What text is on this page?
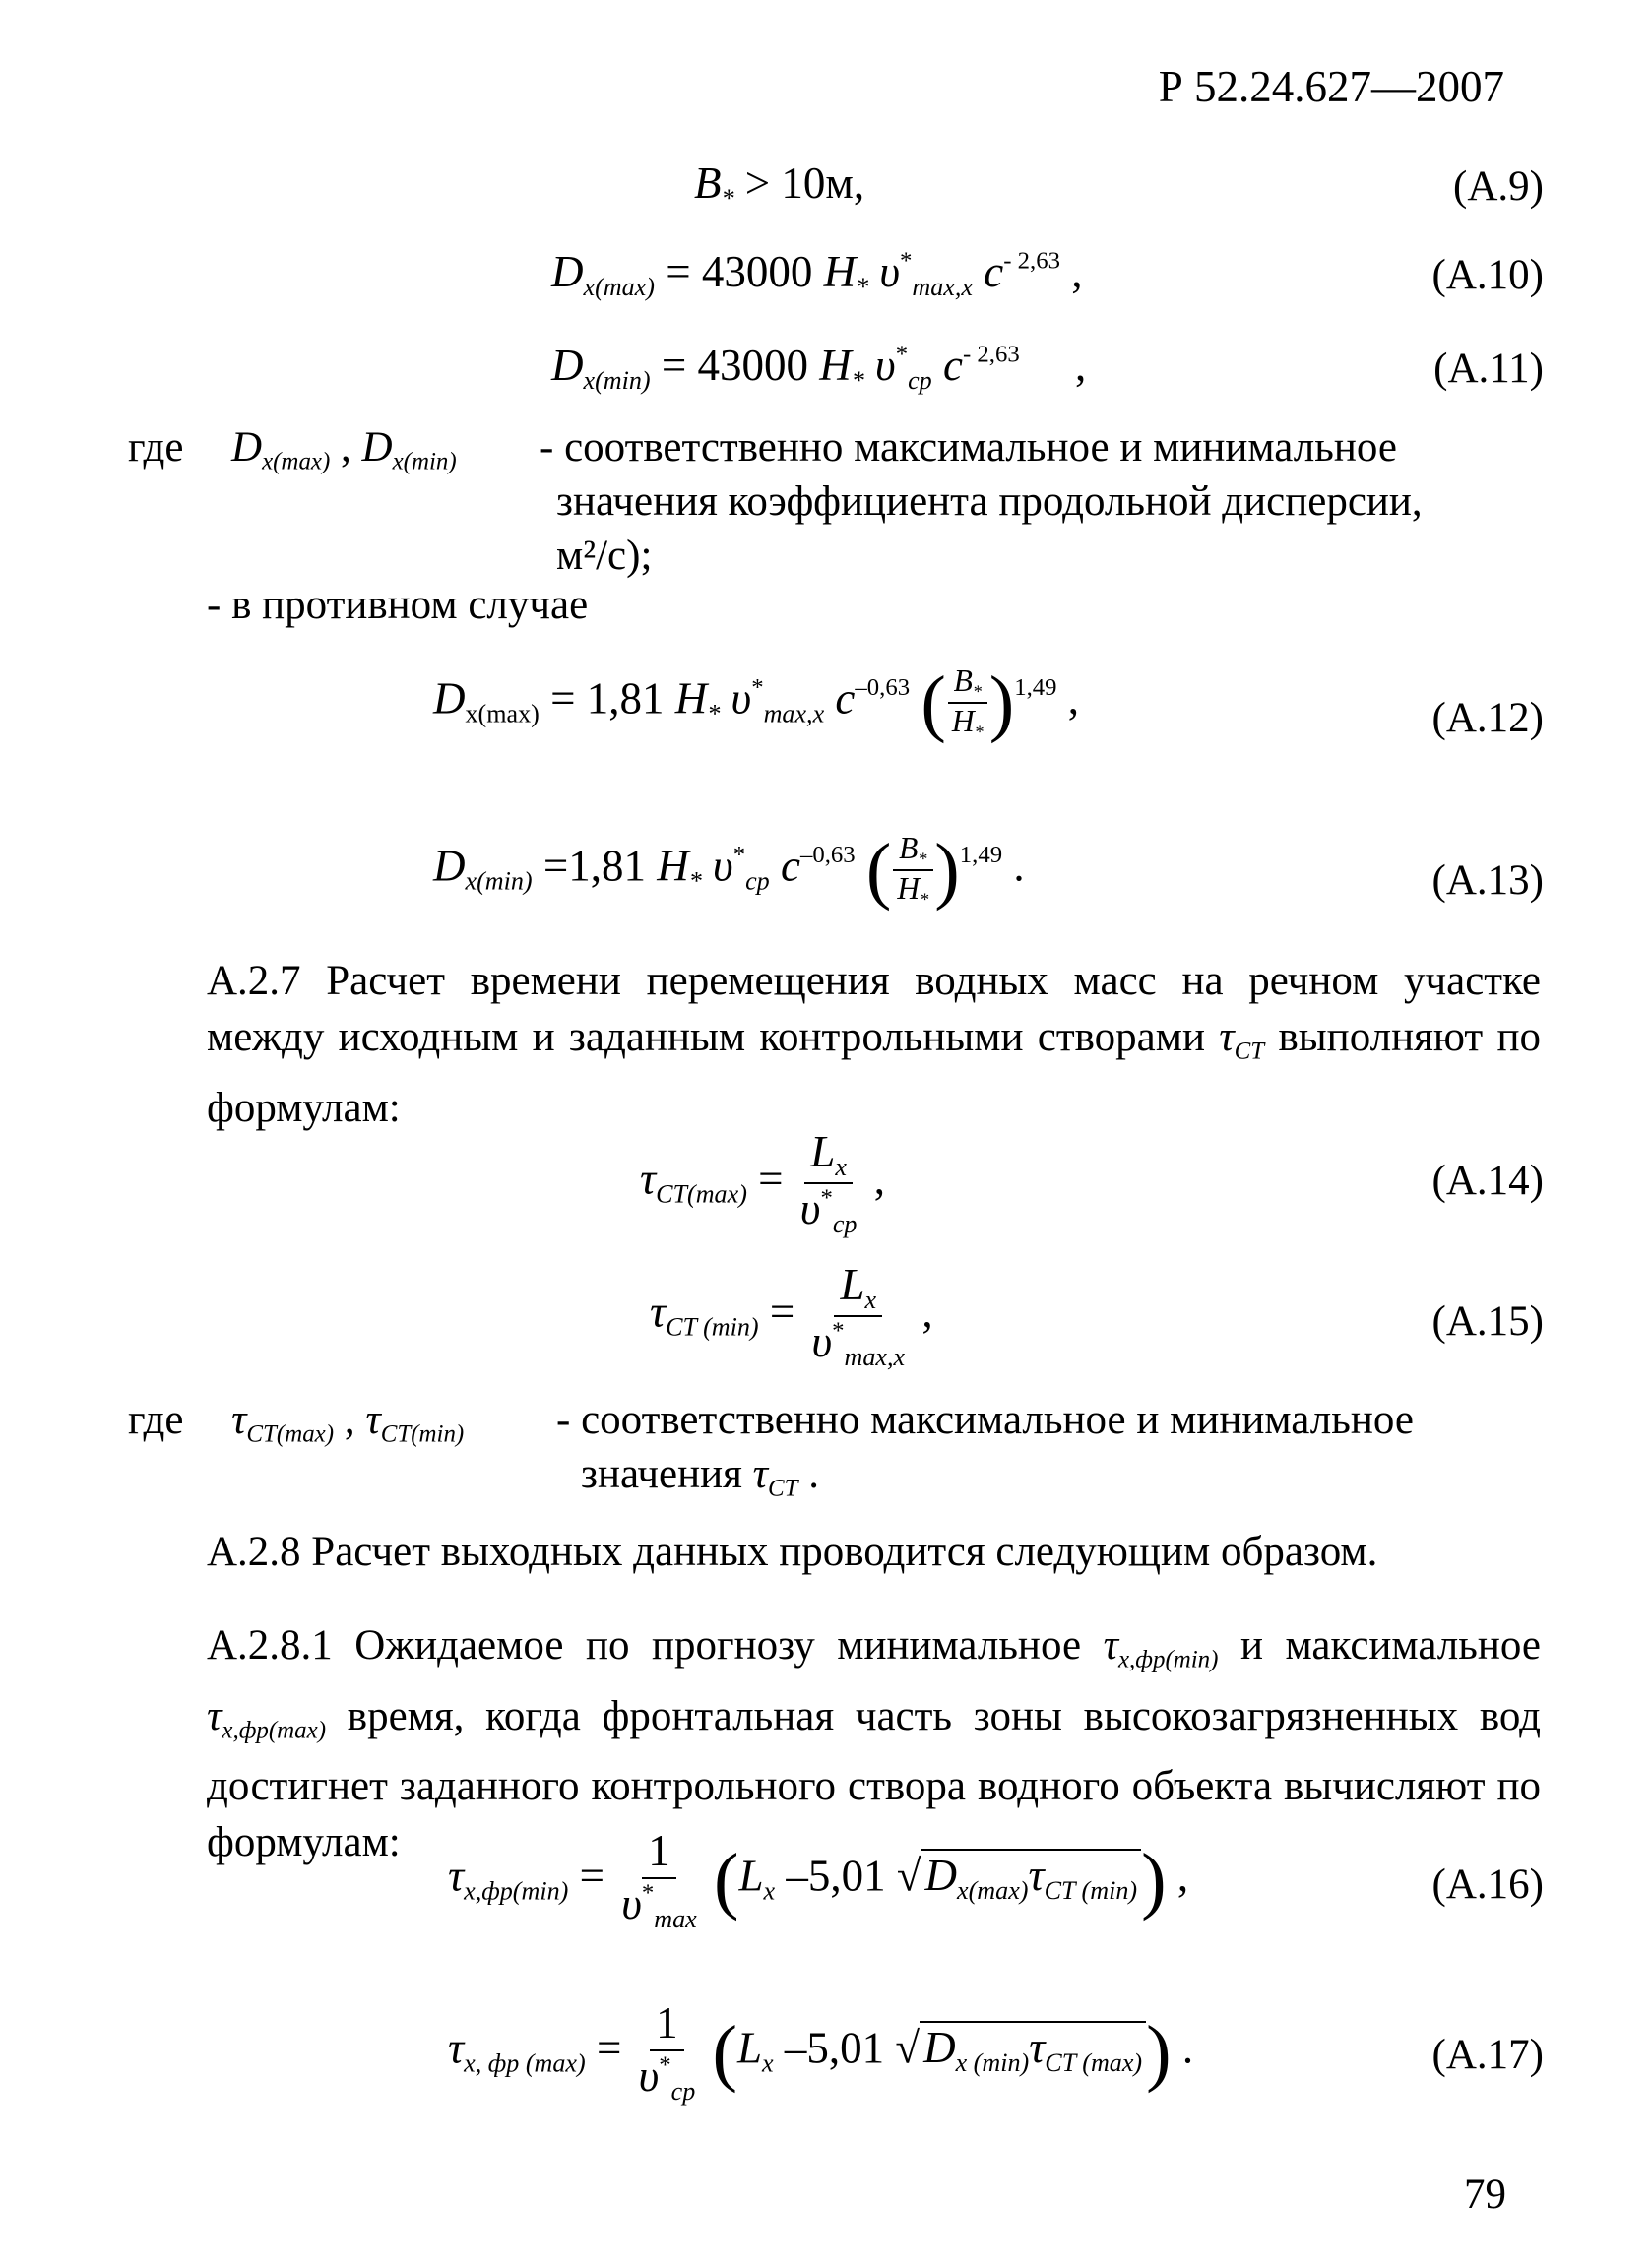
Р 52.24.627—2007
$B_* > 10м$,	(А.9)
$D_{x(max)} = 43000$ $H_*$ $\upsilon^*_{max,x}$ $c^{- 2,63}$ ,	(А.10)
$D_{x(min)} = 43000$ $H_*$ $\upsilon^*_{cp}$ $c^{- 2,63}$     ,	(А.11)
где $D_{x(max)}$ , $D_{x(min)}$ - соответственно максимальное и минимальное
значения коэффициента продольной дисперсии,
м²/с);
- в противном случае
$D_{x(max)} = 1,81$ $H_*$ $\upsilon^*_{max,x}$ $c^{-0,63}$ ( $\frac{B_*}{H_*} )^{1,49}$ ,	(А.12)
$D_{x(min)} =1,81$ $H_*$ $\upsilon^*_{cp}$ $c^{-0,63}$ ( $\frac{B_*}{H_*} )^{1,49}$ .	(А.13)
А.2.7 Расчет времени перемещения водных масс на речном участке между исходным и заданным контрольными створами $\tau_{CT}$ выполняют по формулам:
$\tau_{CT(max)} = \frac{L_x}{\upsilon^*_{cp}}$ ,	(А.14)
$\tau_{CT (min)} = \frac{L_x}{\upsilon^*_{max,x}}$ ,	(А.15)
где $\tau_{CT(max)}$ , $\tau_{CT(min)}$ - соответственно максимальное и минимальное
значения $\tau_{CT}$ .
А.2.8 Расчет выходных данных проводится следующим образом.
А.2.8.1 Ожидаемое по прогнозу минимальное $\tau_{x,фр(min)}$ и максимальное $\tau_{x,фр(max)}$ время, когда фронтальная часть зоны высокозагрязненных вод достигнет заданного контрольного створа водного объекта вычисляют по формулам:
$\tau_{x,фр(min)} = \frac{1}{\upsilon^*_{max}} (L_x$ –5,01 $√D_{x(max)}\tau_{CT (min)}$) ,	(А.16)
$\tau_{x, фр (max)} = \frac{1}{\upsilon^*_{cp}} (L_x$ –5,01 $√D_{x (min)}\tau_{CT (max)}$) .	(А.17)
79
